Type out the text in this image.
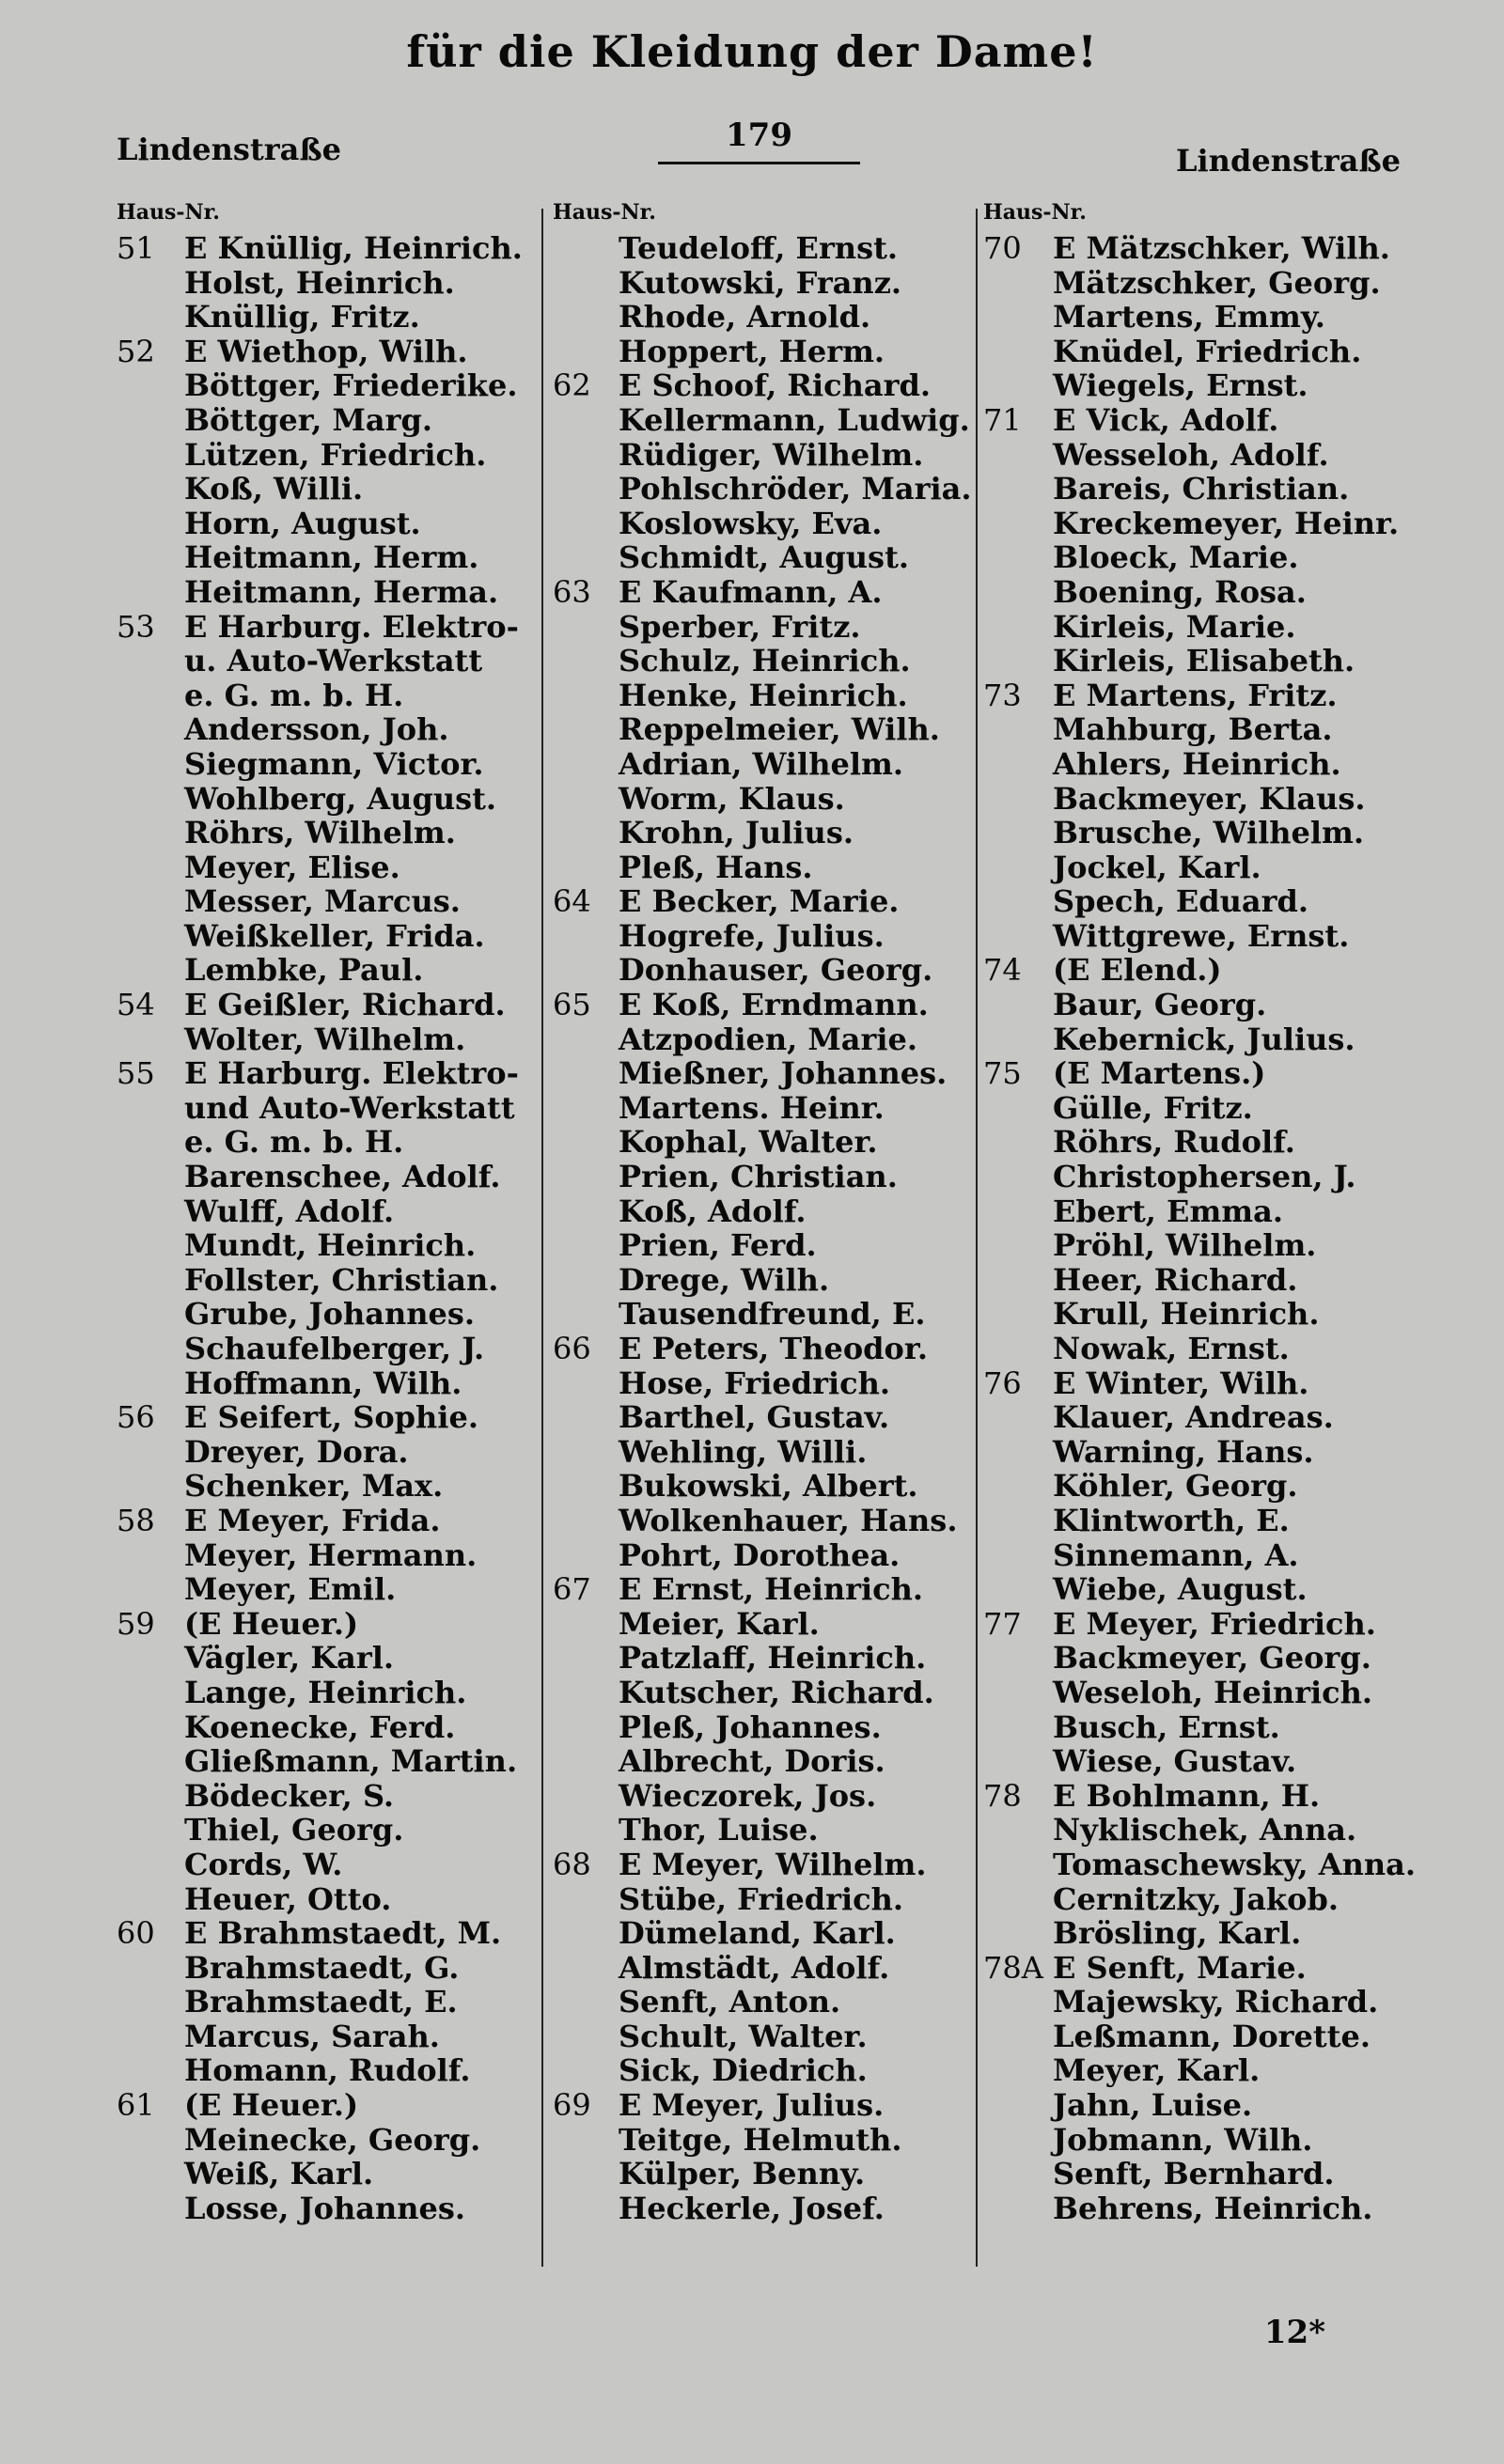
für die Kleidung der Dame!
Lindenstraße	179
Lindenstraße
Haus-Nr.
51 E Knüllig, Heinrich.
Holst, Heinrich.
Knüllig, Fritz.
52 E Wiethop, Wilh.
Böttger, Friederike.
Böttger, Marg.
Lützen, Friedrich.
Koß, Willi.
Horn, August.
Heitmann, Herm.
Heitmann, Herma.
53 E Harburg. Elektro-
u. Auto-Werkstatt
e. G. m. b. H.
Andersson, Joh.
Siegmann, Victor.
Wohlberg, August.
Röhrs, Wilhelm.
Meyer, Elise.
Messer, Marcus.
Weißkeller, Frida.
Lembke, Paul.
54 E Geißler, Richard.
Wolter, Wilhelm.
55 E Harburg. Elektro-
und Auto-Werkstatt
e. G. m. b. H.
Barenschee, Adolf.
Wulff, Adolf.
Mundt, Heinrich.
Follster, Christian.
Grube, Johannes.
Schaufelberger, J.
Hoffmann, Wilh.
56 E Seifert, Sophie.
Dreyer, Dora.
Schenker, Max.
58 E Meyer, Frida.
Meyer, Hermann.
Meyer, Emil.
59 (E Heuer.)
Vägler, Karl.
Lange, Heinrich.
Koenecke, Ferd.
Gließmann, Martin.
Bödecker, S.
Thiel, Georg.
Cords, W.
Heuer, Otto.
60 E Brahmstaedt, M.
Brahmstaedt, G.
Brahmstaedt, E.
Marcus, Sarah.
Homann, Rudolf.
61 (E Heuer.)
Meinecke, Georg.
Weiß, Karl.
Losse, Johannes.
Haus-Nr.
Teudeloff, Ernst.
Kutowski, Franz.
Rhode, Arnold.
Hoppert, Herm.
62 E Schoof, Richard.
Kellermann, Ludwig.
Rüdiger, Wilhelm.
Pohlschröder, Maria.
Koslowsky, Eva.
Schmidt, August.
63 E Kaufmann, A.
Sperber, Fritz.
Schulz, Heinrich.
Henke, Heinrich.
Reppelmeier, Wilh.
Adrian, Wilhelm.
Worm, Klaus.
Krohn, Julius.
Pleß, Hans.
64 E Becker, Marie.
Hogrefe, Julius.
Donhauser, Georg.
65 E Koß, Erndmann.
Atzpodien, Marie.
Mießner, Johannes.
Martens. Heinr.
Kophal, Walter.
Prien, Christian.
Koß, Adolf.
Prien, Ferd.
Drege, Wilh.
Tausendfreund, E.
66 E Peters, Theodor.
Hose, Friedrich.
Barthel, Gustav.
Wehling, Willi.
Bukowski, Albert.
Wolkenhauer, Hans.
Pohrt, Dorothea.
67 E Ernst, Heinrich.
Meier, Karl.
Patzlaff, Heinrich.
Kutscher, Richard.
Pleß, Johannes.
Albrecht, Doris.
Wieczorek, Jos.
Thor, Luise.
68 E Meyer, Wilhelm.
Stübe, Friedrich.
Dümeland, Karl.
Almstädt, Adolf.
Senft, Anton.
Schult, Walter.
Sick, Diedrich.
69 E Meyer, Julius.
Teitge, Helmuth.
Külper, Benny.
Heckerle, Josef.
Haus-Nr.
70	E Mätzschker, Wilh.
Mätzschker, Georg.
Martens, Emmy.
Knüdel, Friedrich.
Wiegels, Ernst.
71	E Vick, Adolf.
Wesseloh, Adolf.
Bareis, Christian.
Kreckemeyer, Heinr.
Bloeck, Marie.
Boening, Rosa.
Kirleis, Marie.
Kirleis, Elisabeth.
73	E Martens, Fritz.
Mahburg, Berta.
Ahlers, Heinrich.
Backmeyer, Klaus.
Brusche, Wilhelm.
Jockel, Karl.
Spech, Eduard.
Wittgrewe, Ernst.
74	(E Elend.)
Baur, Georg.
Kebernick, Julius.
75	(E Martens.)
Gülle, Fritz.
Röhrs, Rudolf.
Christophersen, J.
Ebert, Emma.
Pröhl, Wilhelm.
Heer, Richard.
Krull, Heinrich.
Nowak, Ernst.
76	E Winter, Wilh.
Klauer, Andreas.
Warning, Hans.
Köhler, Georg.
Klintworth, E.
Sinnemann, A.
Wiebe, August.
77	E Meyer, Friedrich.
Backmeyer, Georg.
Weseloh, Heinrich.
Busch, Ernst.
Wiese, Gustav.
78	E Bohlmann, H.
Nyklischek, Anna.
Tomaschewsky, Anna.
Cernitzky, Jakob.
Brösling, Karl.
78A E Senft, Marie.
Majewsky, Richard.
Leßmann, Dorette.
Meyer, Karl.
Jahn, Luise.
Jobmann, Wilh.
Senft, Bernhard.
Behrens, Heinrich.
12*
